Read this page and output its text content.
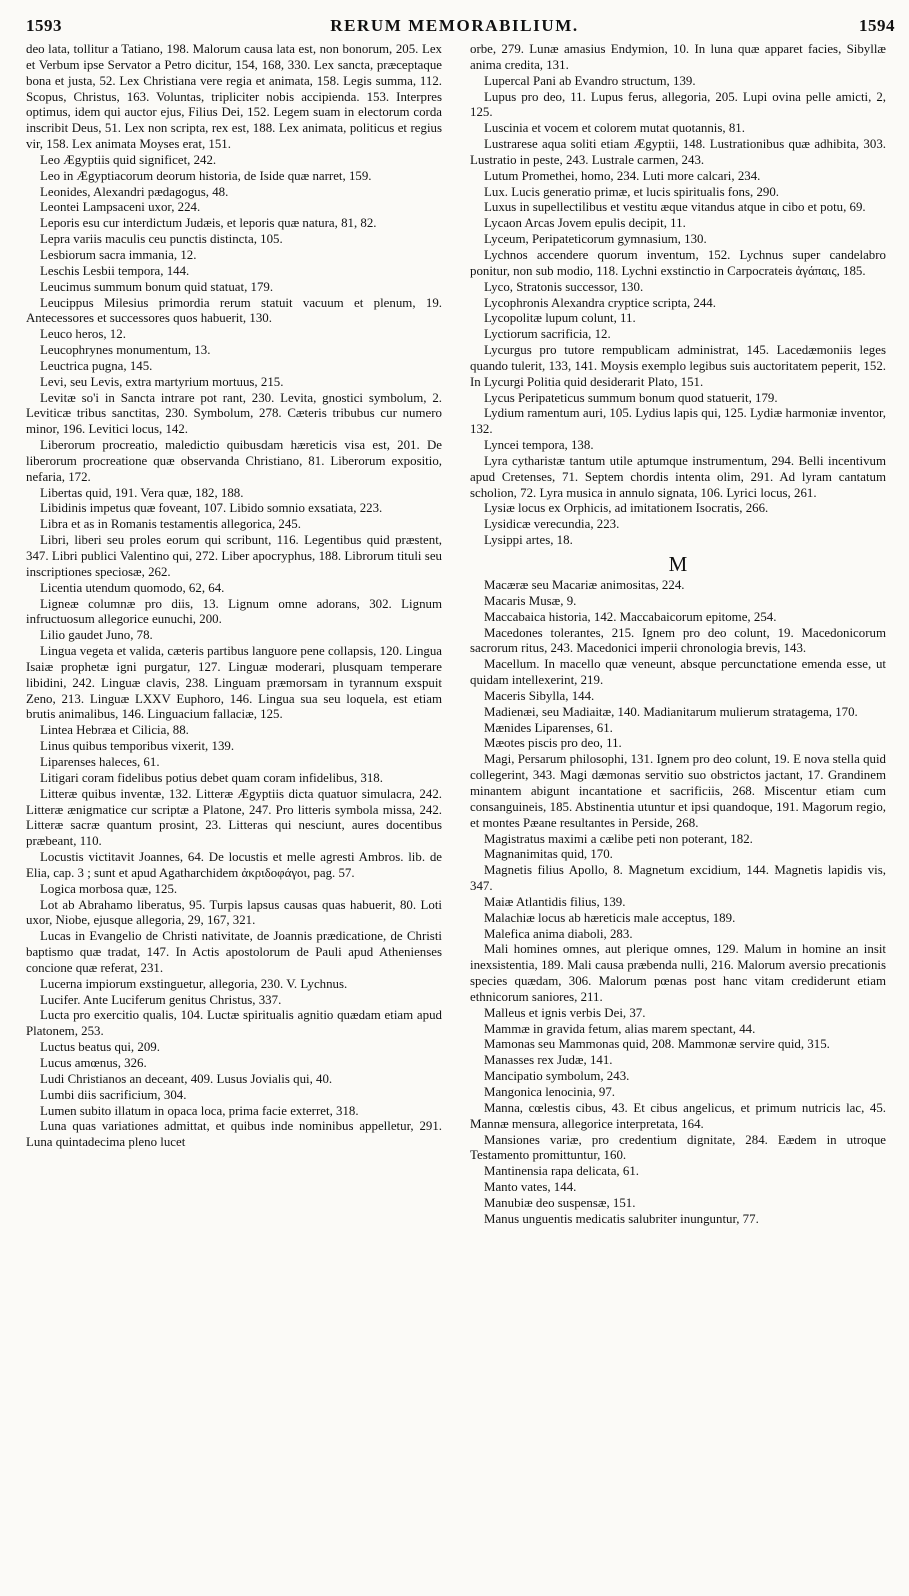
1593	RERUM MEMORABILIUM.	1594

deo lata, tollitur a Tatiano, 198. Malorum causa lata est, non bonorum, 205. Lex et Verbum ipse Servator a Petro dicitur, 154, 168, 330. Lex sancta, præceptaque bona et justa, 52. Lex Christiana vere regia et animata, 158. Legis summa, 112. Scopus, Christus, 163. Voluntas, tripliciter nobis accipienda. 153. Interpres optimus, idem qui auctor ejus, Filius Dei, 152. Legem suam in electorum corda inscribit Deus, 51. Lex non scripta, rex est, 188. Lex animata, politicus et regius vir, 158. Lex animata Moyses erat, 151.

Leo Ægyptiis quid significet, 242.

Leo in Ægyptiacorum deorum historia, de Iside quæ narret, 159.

Leonides, Alexandri pædagogus, 48.

Leontei Lampsaceni uxor, 224.

Leporis esu cur interdictum Judæis, et leporis quæ natura, 81, 82.

Lepra variis maculis ceu punctis distincta, 105.

Lesbiorum sacra immania, 12.

Leschis Lesbii tempora, 144.

Leucimus summum bonum quid statuat, 179.

Leucippus Milesius primordia rerum statuit vacuum et plenum, 19. Antecessores et successores quos habuerit, 130.

Leuco heros, 12.

Leucophrynes monumentum, 13.

Leuctrica pugna, 145.

Levi, seu Levis, extra martyrium mortuus, 215.

Levitæ so'i in Sancta intrare pot rant, 230. Levita, gnostici symbolum, 2. Leviticæ tribus sanctitas, 230. Symbolum, 278. Cæteris tribubus cur numero minor, 196. Levitici locus, 142.

Liberorum procreatio, maledictio quibusdam hæreticis visa est, 201. De liberorum procreatione quæ observanda Christiano, 81. Liberorum expositio, nefaria, 172.

Libertas quid, 191. Vera quæ, 182, 188.

Libidinis impetus quæ foveant, 107. Libido somnio exsatiata, 223.

Libra et as in Romanis testamentis allegorica, 245.

Libri, liberi seu proles eorum qui scribunt, 116. Legentibus quid præstent, 347. Libri publici Valentino qui, 272. Liber apocryphus, 188. Librorum tituli seu inscriptiones speciosæ, 262.

Licentia utendum quomodo, 62, 64.

Ligneæ columnæ pro diis, 13. Lignum omne adorans, 302. Lignum infructuosum allegorice eunuchi, 200.

Lilio gaudet Juno, 78.

Lingua vegeta et valida, cæteris partibus languore pene collapsis, 120. Lingua Isaiæ prophetæ igni purgatur, 127. Linguæ moderari, plusquam temperare libidini, 242. Linguæ clavis, 238. Linguam præmorsam in tyrannum exspuit Zeno, 213. Linguæ LXXV Euphoro, 146. Lingua sua seu loquela, est etiam brutis animalibus, 146. Linguacium fallaciæ, 125.

Lintea Hebræa et Cilicia, 88.

Linus quibus temporibus vixerit, 139.

Liparenses haleces, 61.

Litigari coram fidelibus potius debet quam coram infidelibus, 318.

Litteræ quibus inventæ, 132. Litteræ Ægyptiis dicta quatuor simulacra, 242. Litteræ ænigmatice cur scriptæ a Platone, 247. Pro litteris symbola missa, 242. Litteræ sacræ quantum prosint, 23. Litteras qui nesciunt, aures docentibus præbeant, 110.

Locustis victitavit Joannes, 64. De locustis et melle agresti Ambros. lib. de Elia, cap. 3 ; sunt et apud Agatharchidem ἀκριδοφάγοι, pag. 57.

Logica morbosa quæ, 125.

Lot ab Abrahamo liberatus, 95. Turpis lapsus causas quas habuerit, 80. Loti uxor, Niobe, ejusque allegoria, 29, 167, 321.

Lucas in Evangelio de Christi nativitate, de Joannis prædicatione, de Christi baptismo quæ tradat, 147. In Actis apostolorum de Pauli apud Athenienses concione quæ referat, 231.

Lucerna impiorum exstinguetur, allegoria, 230. V. Lychnus.

Lucifer. Ante Luciferum genitus Christus, 337.

Lucta pro exercitio qualis, 104. Luctæ spiritualis agnitio quædam etiam apud Platonem, 253.

Luctus beatus qui, 209.

Lucus amœnus, 326.

Ludi Christianos an deceant, 409. Lusus Jovialis qui, 40.

Lumbi diis sacrificium, 304.

Lumen subito illatum in opaca loca, prima facie exterret, 318.

Luna quas variationes admittat, et quibus inde nominibus appelletur, 291. Luna quintadecima pleno lucet

orbe, 279. Lunæ amasius Endymion, 10. In luna quæ apparet facies, Sibyllæ anima credita, 131.

Lupercal Pani ab Evandro structum, 139.

Lupus pro deo, 11. Lupus ferus, allegoria, 205. Lupi ovina pelle amicti, 2, 125.

Luscinia et vocem et colorem mutat quotannis, 81.

Lustrarese aqua soliti etiam Ægyptii, 148. Lustrationibus quæ adhibita, 303. Lustratio in peste, 243. Lustrale carmen, 243.

Lutum Promethei, homo, 234. Luti more calcari, 234.

Lux. Lucis generatio primæ, et lucis spiritualis fons, 290.

Luxus in supellectilibus et vestitu æque vitandus atque in cibo et potu, 69.

Lycaon Arcas Jovem epulis decipit, 11.

Lyceum, Peripateticorum gymnasium, 130.

Lychnos accendere quorum inventum, 152. Lychnus super candelabro ponitur, non sub modio, 118. Lychni exstinctio in Carpocrateis ἀγάπαις, 185.

Lyco, Stratonis successor, 130.

Lycophronis Alexandra cryptice scripta, 244.

Lycopolitæ lupum colunt, 11.

Lyctiorum sacrificia, 12.

Lycurgus pro tutore rempublicam administrat, 145. Lacedæmoniis leges quando tulerit, 133, 141. Moysis exemplo legibus suis auctoritatem peperit, 152. In Lycurgi Politia quid desiderarit Plato, 151.

Lycus Peripateticus summum bonum quod statuerit, 179.

Lydium ramentum auri, 105. Lydius lapis qui, 125. Lydiæ harmoniæ inventor, 132.

Lyncei tempora, 138.

Lyra cytharistæ tantum utile aptumque instrumentum, 294. Belli incentivum apud Cretenses, 71. Septem chordis intenta olim, 291. Ad lyram cantatum scholion, 72. Lyra musica in annulo signata, 106. Lyrici locus, 261.

Lysiæ locus ex Orphicis, ad imitationem Isocratis, 266.

Lysidicæ verecundia, 223.

Lysippi artes, 18.

M

Macæræ seu Macariæ animositas, 224.

Macaris Musæ, 9.

Maccabaica historia, 142. Maccabaicorum epitome, 254.

Macedones tolerantes, 215. Ignem pro deo colunt, 19. Macedonicorum sacrorum ritus, 243. Macedonici imperii chronologia brevis, 143.

Macellum. In macello quæ veneunt, absque percunctatione emenda esse, ut quidam intellexerint, 219.

Maceris Sibylla, 144.

Madienæi, seu Madiaitæ, 140. Madianitarum mulierum stratagema, 170.

Mænides Liparenses, 61.

Mæotes piscis pro deo, 11.

Magi, Persarum philosophi, 131. Ignem pro deo colunt, 19. E nova stella quid collegerint, 343. Magi dæmonas servitio suo obstrictos jactant, 17. Grandinem minantem abigunt incantatione et sacrificiis, 268. Miscentur etiam cum consanguineis, 185. Abstinentia utuntur et ipsi quandoque, 191. Magorum regio, et montes Pæane resultantes in Perside, 268.

Magistratus maximi a cælibe peti non poterant, 182.

Magnanimitas quid, 170.

Magnetis filius Apollo, 8. Magnetum excidium, 144. Magnetis lapidis vis, 347.

Maiæ Atlantidis filius, 139.

Malachiæ locus ab hæreticis male acceptus, 189.

Malefica anima diaboli, 283.

Mali homines omnes, aut plerique omnes, 129. Malum in homine an insit inexsistentia, 189. Mali causa præbenda nulli, 216. Malorum aversio precationis species quædam, 306. Malorum pœnas post hanc vitam crediderunt etiam ethnicorum saniores, 211.

Malleus et ignis verbis Dei, 37.

Mammæ in gravida fetum, alias marem spectant, 44.

Mamonas seu Mammonas quid, 208. Mammonæ servire quid, 315.

Manasses rex Judæ, 141.

Mancipatio symbolum, 243.

Mangonica lenocinia, 97.

Manna, cœlestis cibus, 43. Et cibus angelicus, et primum nutricis lac, 45. Mannæ mensura, allegorice interpretata, 164.

Mansiones variæ, pro credentium dignitate, 284. Eædem in utroque Testamento promittuntur, 160.

Mantinensia rapa delicata, 61.

Manto vates, 144.

Manubiæ deo suspensæ, 151.

Manus unguentis medicatis salubriter inunguntur, 77.
